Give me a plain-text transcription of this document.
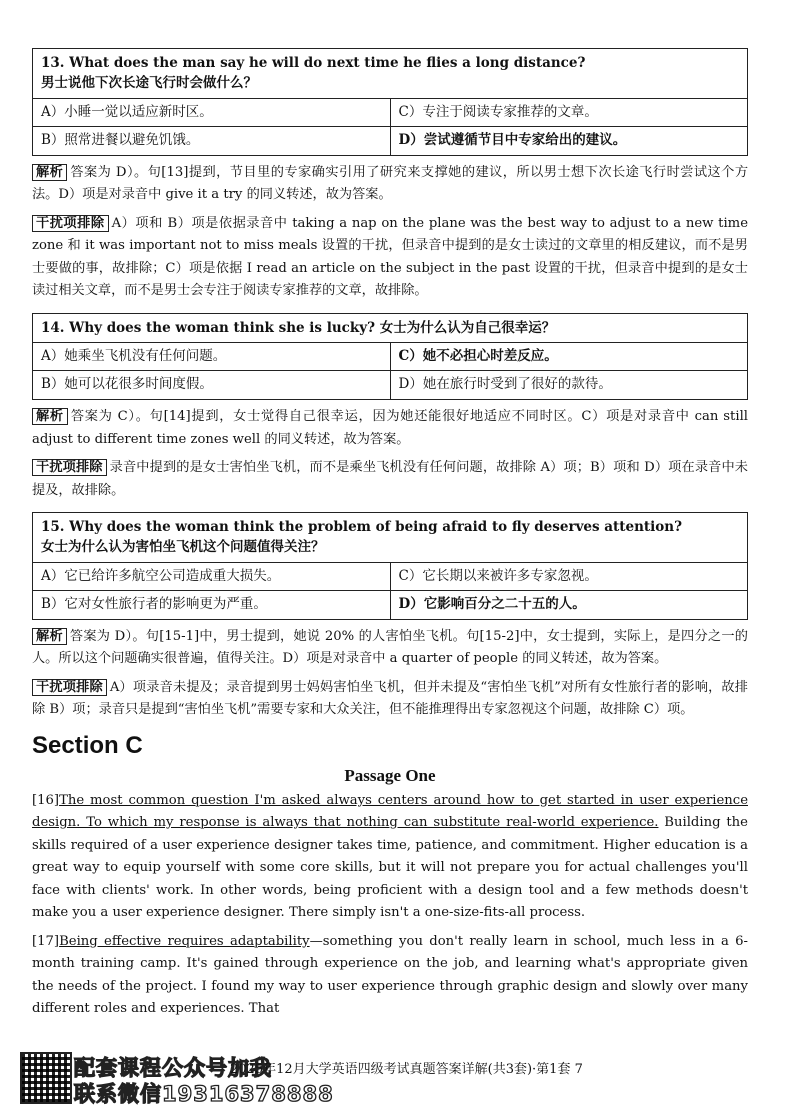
13. What does the man say he will do next time he flies a long distance?
男士说他下次长途飞行时会做什么？	

A）小睡一觉以适应新时区。	C）专注于阅读专家推荐的文章。
B）照常进餐以避免饥饿。	D）尝试遵循节目中专家给出的建议。

解析 答案为 D）。句[13]提到，节目里的专家确实引用了研究来支撑她的建议，所以男士想下次长途飞行时尝试这个方法。D）项是对录音中 give it a try 的同义转述，故为答案。

干扰项排除 A）项和 B）项是依据录音中 taking a nap on the plane was the best way to adjust to a new time zone 和 it was important not to miss meals 设置的干扰，但录音中提到的是女士读过的文章里的相反建议，而不是男士要做的事，故排除；C）项是依据 I read an article on the subject in the past 设置的干扰，但录音中提到的是女士读过相关文章，而不是男士会专注于阅读专家推荐的文章，故排除。

14. Why does the woman think she is lucky? 女士为什么认为自己很幸运？	

A）她乘坐飞机没有任何问题。	C）她不必担心时差反应。
B）她可以花很多时间度假。	D）她在旅行时受到了很好的款待。

解析 答案为 C）。句[14]提到，女士觉得自己很幸运，因为她还能很好地适应不同时区。C）项是对录音中 can still adjust to different time zones well 的同义转述，故为答案。

干扰项排除 录音中提到的是女士害怕坐飞机，而不是乘坐飞机没有任何问题，故排除 A）项；B）项和 D）项在录音中未提及，故排除。

15. Why does the woman think the problem of being afraid to fly deserves attention?
女士为什么认为害怕坐飞机这个问题值得关注？	

A）它已给许多航空公司造成重大损失。	C）它长期以来被许多专家忽视。
B）它对女性旅行者的影响更为严重。	D）它影响百分之二十五的人。

解析 答案为 D）。句[15-1]中，男士提到，她说 20% 的人害怕坐飞机。句[15-2]中，女士提到，实际上，是四分之一的人。所以这个问题确实很普遍，值得关注。D）项是对录音中 a quarter of people 的同义转述，故为答案。

干扰项排除 A）项录音未提及；录音提到男士妈妈害怕坐飞机，但并未提及“害怕坐飞机”对所有女性旅行者的影响，故排除 B）项；录音只是提到“害怕坐飞机”需要专家和大众关注，但不能推理得出专家忽视这个问题，故排除 C）项。

Section C
Passage One

[16]The most common question I'm asked always centers around how to get started in user experience design. To which my response is always that nothing can substitute real-world experience. Building the skills required of a user experience designer takes time, patience, and commitment. Higher education is a great way to equip yourself with some core skills, but it will not prepare you for actual challenges you'll face with clients' work. In other words, being proficient with a design tool and a few methods doesn't make you a user experience designer. There simply isn't a one-size-fits-all process.

[17]Being effective requires adaptability—something you don't really learn in school, much less in a 6-month training camp. It's gained through experience on the job, and learning what's appropriate given the needs of the project. I found my way to user experience through graphic design and slowly over many different roles and experiences. That

配套课程公众号加我
联系微信19316378888
2025年12月大学英语四级考试真题答案详解(共3套)·第1套 7
